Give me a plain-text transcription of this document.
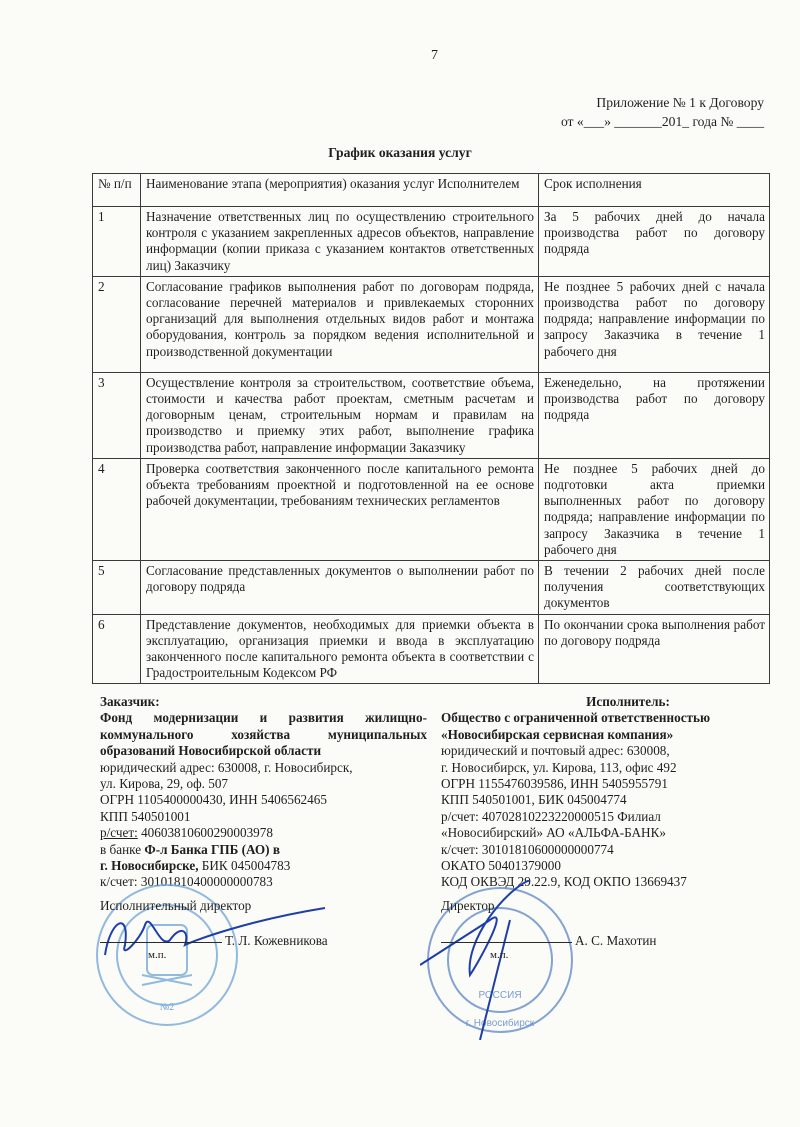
7
Приложение № 1 к Договору
от «___» _______201_ года № ____
График оказания услуг
№ п/п	Наименование этапа (мероприятия) оказания услуг Исполнителем	Срок исполнения
1	Назначение ответственных лиц по осуществлению строительного контроля с указанием закрепленных адресов объектов, направление информации (копии приказа с указанием контактов ответственных лиц) Заказчику	За 5 рабочих дней до начала производства работ по договору подряда
2	Согласование графиков выполнения работ по договорам подряда, согласование перечней материалов и привлекаемых сторонних организаций для выполнения отдельных видов работ и монтажа оборудования, контроль за порядком ведения исполнительной и производственной документации	Не позднее 5 рабочих дней с начала производства работ по договору подряда; направление информации по запросу Заказчика в течение 1 рабочего дня
3	Осуществление контроля за строительством, соответствие объема, стоимости и качества работ проектам, сметным расчетам и договорным ценам, строительным нормам и правилам на производство и приемку этих работ, выполнение графика производства работ, направление информации Заказчику	Еженедельно, на протяжении производства работ по договору подряда
4	Проверка соответствия законченного после капитального ремонта объекта требованиям проектной и подготовленной на ее основе рабочей документации, требованиям технических регламентов	Не позднее 5 рабочих дней до подготовки акта приемки выполненных работ по договору подряда; направление информации по запросу Заказчика в течение 1 рабочего дня
5	Согласование представленных документов о выполнении работ по договору подряда	В течении 2 рабочих дней после получения соответствующих документов
6	Представление документов, необходимых для приемки объекта в эксплуатацию, организация приемки и ввода в эксплуатацию законченного после капитального ремонта объекта в соответствии с Градостроительным Кодексом РФ	По окончании срока выполнения работ по договору подряда
Заказчик:
Фонд модернизации и развития жилищно-коммунального хозяйства муниципальных образований Новосибирской области
юридический адрес: 630008, г. Новосибирск,
ул. Кирова, 29, оф. 507
ОГРН 1105400000430, ИНН 5406562465
КПП 540501001
р/счет: 40603810600290003978
в банке Ф-л Банка ГПБ (АО) в
г. Новосибирске, БИК 045004783
к/счет: 30101810400000000783
Исполнитель:
Общество с ограниченной ответственностью
«Новосибирская сервисная компания»
юридический и почтовый адрес: 630008,
г. Новосибирск, ул. Кирова, 113, офис 492
ОГРН 1155476039586, ИНН 5405955791
КПП 540501001, БИК 045004774
р/счет: 40702810223220000515 Филиал
«Новосибирский» АО «АЛЬФА-БАНК»
к/счет: 30101810600000000774
ОКАТО 50401379000
КОД ОКВЭД 29.22.9, КОД ОКПО 13669437
№2
Исполнительный директор
Т. Л. Кожевникова
м.п.
РОССИЯ
г. Новосибирск
Директор
А. С. Махотин
м.п.
